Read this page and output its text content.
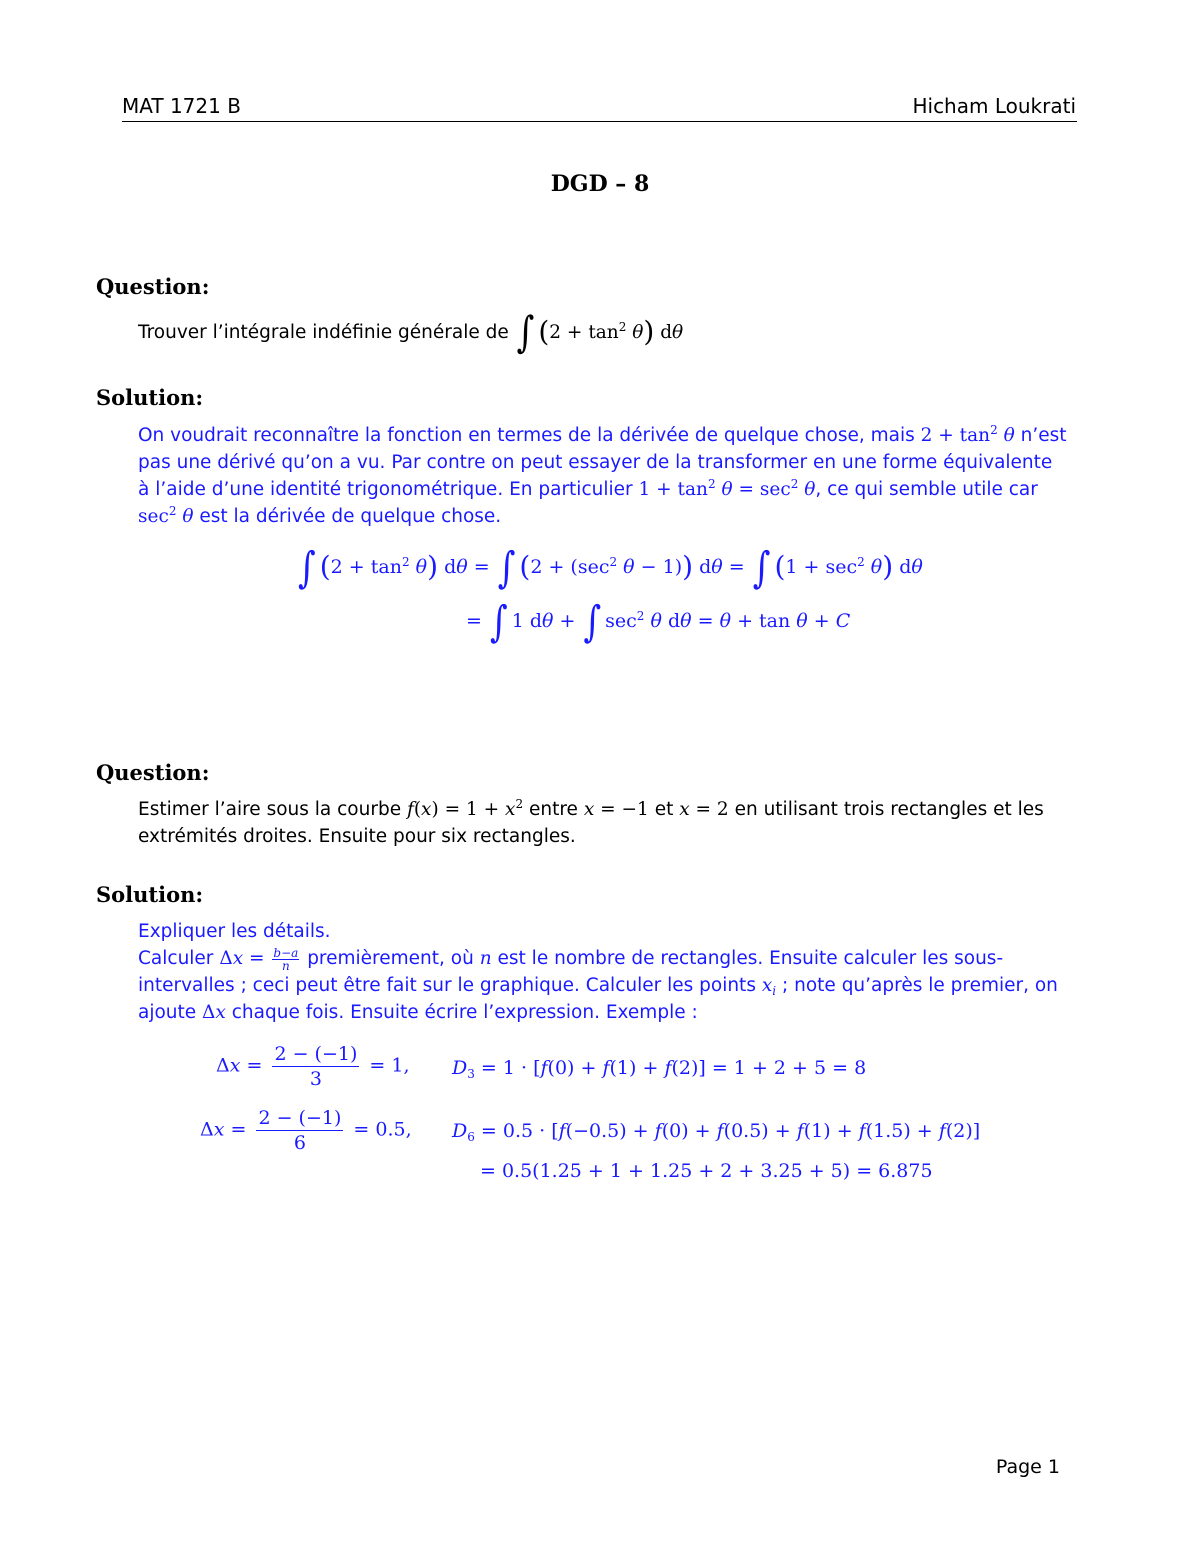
MAT 1721 B	Hicham Loukrati
DGD – 8
Question:
Trouver l’intégrale indéfinie générale de ∫ $(2 + \tan^2 \theta)$ dθ
Solution:
On voudrait reconnaître la fonction en termes de la dérivée de quelque chose, mais $2 + \tan^2 \theta$ n’est
pas une dérivé qu’on a vu. Par contre on peut essayer de la transformer en une forme équivalente
à l’aide d’une identité trigonométrique. En particulier $1 + \tan^2 \theta = \sec^2 \theta$, ce qui semble utile car
$\sec^2 \theta$ est la dérivée de quelque chose.
∫ $(2 + \tan^2 \theta)$ dθ = ∫ ($2 + (\sec^2$ θ − 1)) dθ = ∫ $(1 + \sec^2 \theta)$ dθ
= ∫ 1 dθ + ∫ $\sec^2 \theta$ dθ = θ + tan θ + C
Question:
Estimer l’aire sous la courbe $f(x) = 1 + x^2$ entre x = −1 et x = 2 en utilisant trois rectangles et les
extrémités droites. Ensuite pour six rectangles.
Solution:
Expliquer les détails.
Calculer $\Delta x = \frac{b-a}{n}$ premièrement, où n est le nombre de rectangles. Ensuite calculer les sous-
intervalles ; ceci peut être fait sur le graphique. Calculer les points $x_i$ ; note qu’après le premier, on
ajoute Δx chaque fois. Ensuite écrire l’expression. Exemple :
$\Delta x = \frac{2 - (-1)}{3} = 1$, $D_3 = 1 \cdot [f(0) + f(1) + f(2)] = 1 + 2 + 5 = 8$
$\Delta x = \frac{2 - (-1)}{6} = 0.5$, $D_6 = 0.5 \cdot [f(-0.5) + f(0) + f(0.5) + f(1) + f(1.5) + f(2)]$
= 0.5(1.25 + 1 + 1.25 + 2 + 3.25 + 5) = 6.875
Page 1
